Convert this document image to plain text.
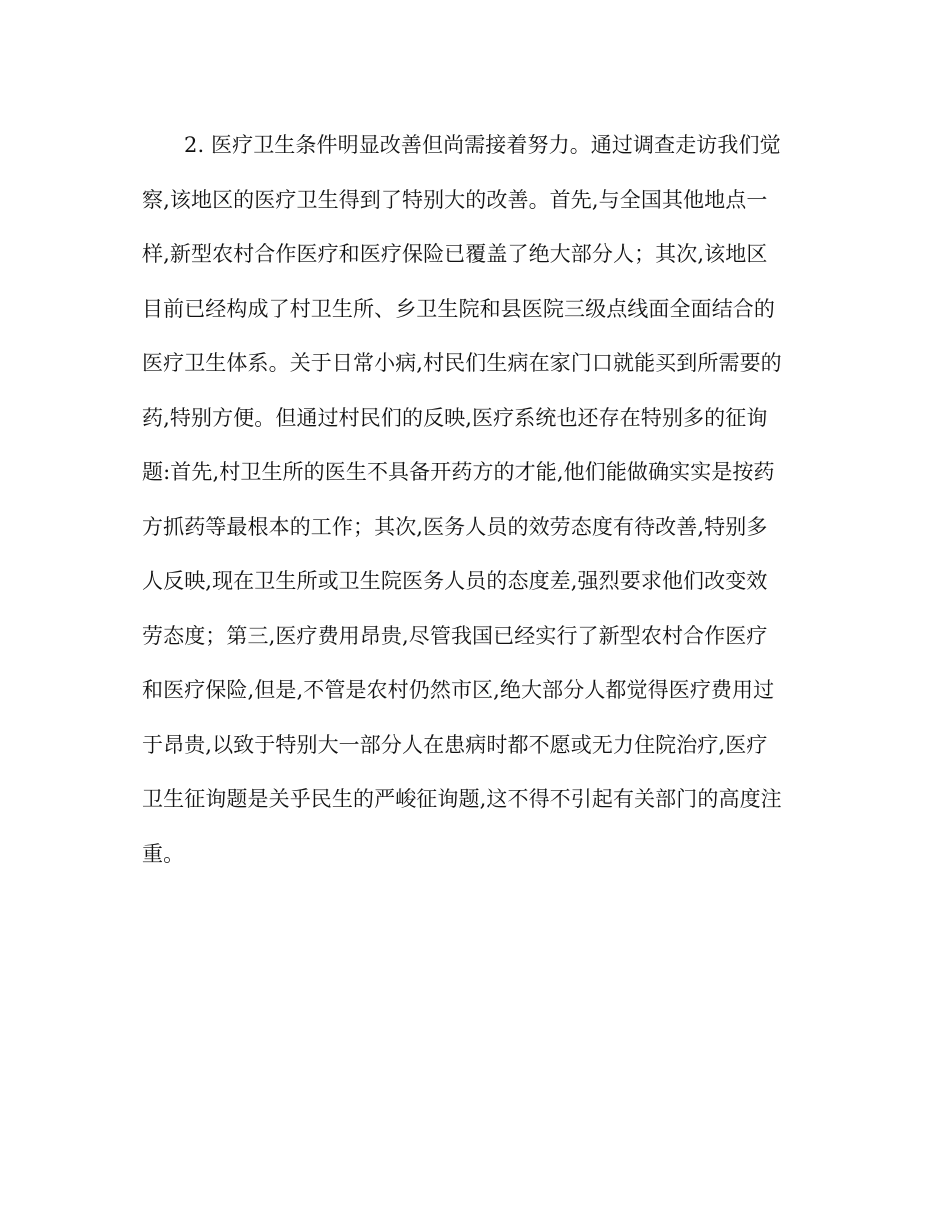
2. 医疗卫生条件明显改善但尚需接着努力。通过调查走访我们觉
察,该地区的医疗卫生得到了特别大的改善。首先,与全国其他地点一
样,新型农村合作医疗和医疗保险已覆盖了绝大部分人；其次,该地区
目前已经构成了村卫生所、乡卫生院和县医院三级点线面全面结合的
医疗卫生体系。关于日常小病,村民们生病在家门口就能买到所需要的
药,特别方便。但通过村民们的反映,医疗系统也还存在特别多的征询
题:首先,村卫生所的医生不具备开药方的才能,他们能做确实实是按药
方抓药等最根本的工作；其次,医务人员的效劳态度有待改善,特别多
人反映,现在卫生所或卫生院医务人员的态度差,强烈要求他们改变效
劳态度；第三,医疗费用昂贵,尽管我国已经实行了新型农村合作医疗
和医疗保险,但是,不管是农村仍然市区,绝大部分人都觉得医疗费用过
于昂贵,以致于特别大一部分人在患病时都不愿或无力住院治疗,医疗
卫生征询题是关乎民生的严峻征询题,这不得不引起有关部门的高度注
重。
